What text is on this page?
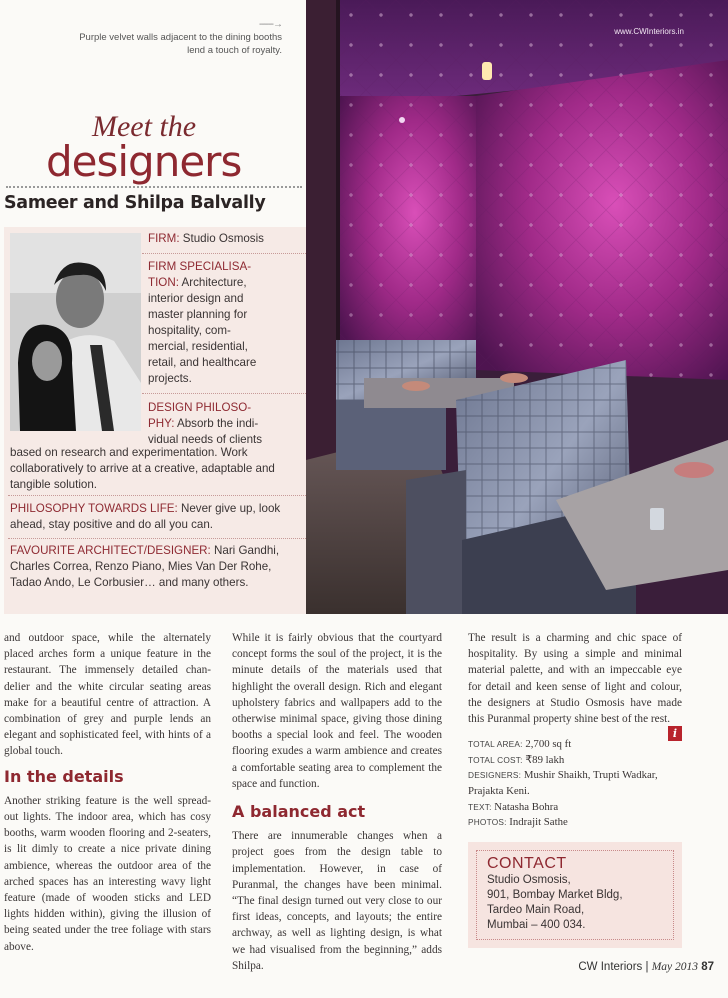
------→
Purple velvet walls adjacent to the dining booths lend a touch of royalty.
Meet the
designers
Sameer and Shilpa Balvally
FIRM: Studio Osmosis
FIRM SPECIALISA-TION: Architecture, interior design and master planning for hospitality, com-mercial, residential, retail, and healthcare projects.
DESIGN PHILOSO-PHY: Absorb the indi-vidual needs of clients
based on research and experimentation. Work collaboratively to arrive at a creative, adaptable and tangible solution.
PHILOSOPHY TOWARDS LIFE: Never give up, look ahead, stay positive and do all you can.
FAVOURITE ARCHITECT/DESIGNER: Nari Gandhi, Charles Correa, Renzo Piano, Mies Van Der Rohe, Tadao Ando, Le Corbusier… and many others.
www.CWInteriors.in

and outdoor space, while the alternately placed arches form a unique feature in the restaurant. The immensely detailed chan-delier and the white circular seating areas make for a beautiful centre of attraction. A combination of grey and purple lends an elegant and sophisticated feel, with hints of a global touch.

In the details

Another striking feature is the well spread-out lights. The indoor area, which has cosy booths, warm wooden flooring and 2-seaters, is lit dimly to create a nice private dining ambience, whereas the outdoor area of the arched spaces has an interesting wavy light feature (made of wooden sticks and LED lights hidden within), giving the illusion of being seated under the tree foliage with stars above.

While it is fairly obvious that the courtyard concept forms the soul of the project, it is the minute details of the materials used that highlight the overall design. Rich and elegant upholstery fabrics and wallpapers add to the otherwise minimal space, giving those dining booths a special look and feel. The wooden flooring exudes a warm ambience and creates a comfortable seating area to complement the space and function.

A balanced act

There are innumerable changes when a project goes from the design table to implementation. However, in case of Puranmal, the changes have been minimal. “The final design turned out very close to our first ideas, concepts, and layouts; the entire archway, as well as lighting design, is what we had visualised from the beginning,” adds Shilpa.

The result is a charming and chic space of hospitality. By using a simple and minimal material palette, and with an impeccable eye for detail and keen sense of light and colour, the designers at Studio Osmosis have made this Puranmal property shine best of the rest.

i
TOTAL AREA: 2,700 sq ft
TOTAL COST: ₹89 lakh
DESIGNERS: Mushir Shaikh, Trupti Wadkar, Prajakta Keni.
TEXT: Natasha Bohra
PHOTOS: Indrajit Sathe
CONTACT
Studio Osmosis,
901, Bombay Market Bldg,
Tardeo Main Road,
Mumbai – 400 034.
CW Interiors | May 2013 87
